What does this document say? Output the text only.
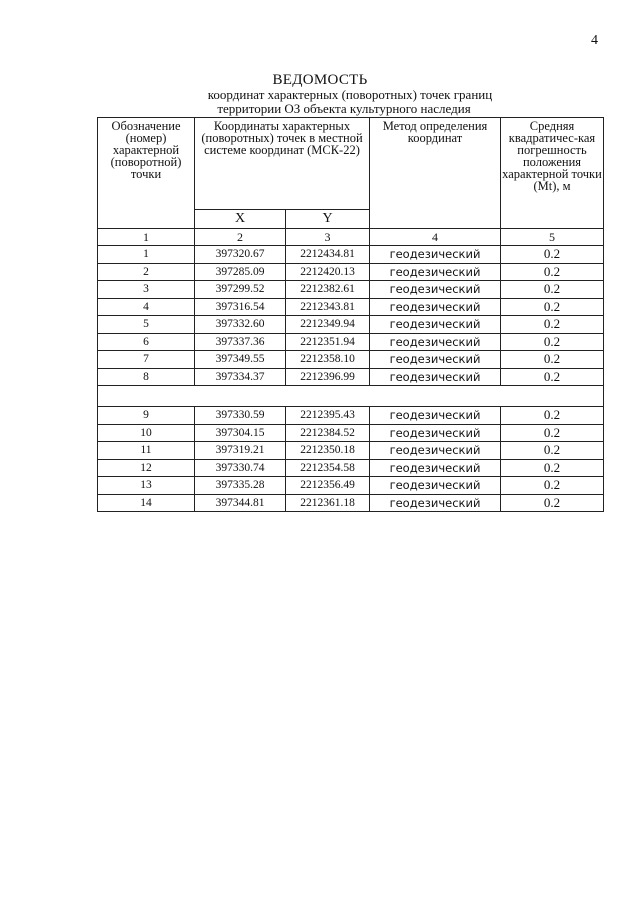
4
ВЕДОМОСТЬ
координат характерных (поворотных) точек границ
территории ОЗ объекта культурного наследия
Обозначение (номер) характерной (поворотной) точки	Координаты характерных (поворотных) точек в местной системе координат (МСК-22)		Метод определения координат	Средняя квадратичес-кая погрешность положения характерной точки (Mt), м
	X	Y		
1	2	3	4	5
1	397320.67	2212434.81	геодезический	0.2
2	397285.09	2212420.13	геодезический	0.2
3	397299.52	2212382.61	геодезический	0.2
4	397316.54	2212343.81	геодезический	0.2
5	397332.60	2212349.94	геодезический	0.2
6	397337.36	2212351.94	геодезический	0.2
7	397349.55	2212358.10	геодезический	0.2
8	397334.37	2212396.99	геодезический	0.2

9	397330.59	2212395.43	геодезический	0.2
10	397304.15	2212384.52	геодезический	0.2
11	397319.21	2212350.18	геодезический	0.2
12	397330.74	2212354.58	геодезический	0.2
13	397335.28	2212356.49	геодезический	0.2
14	397344.81	2212361.18	геодезический	0.2
